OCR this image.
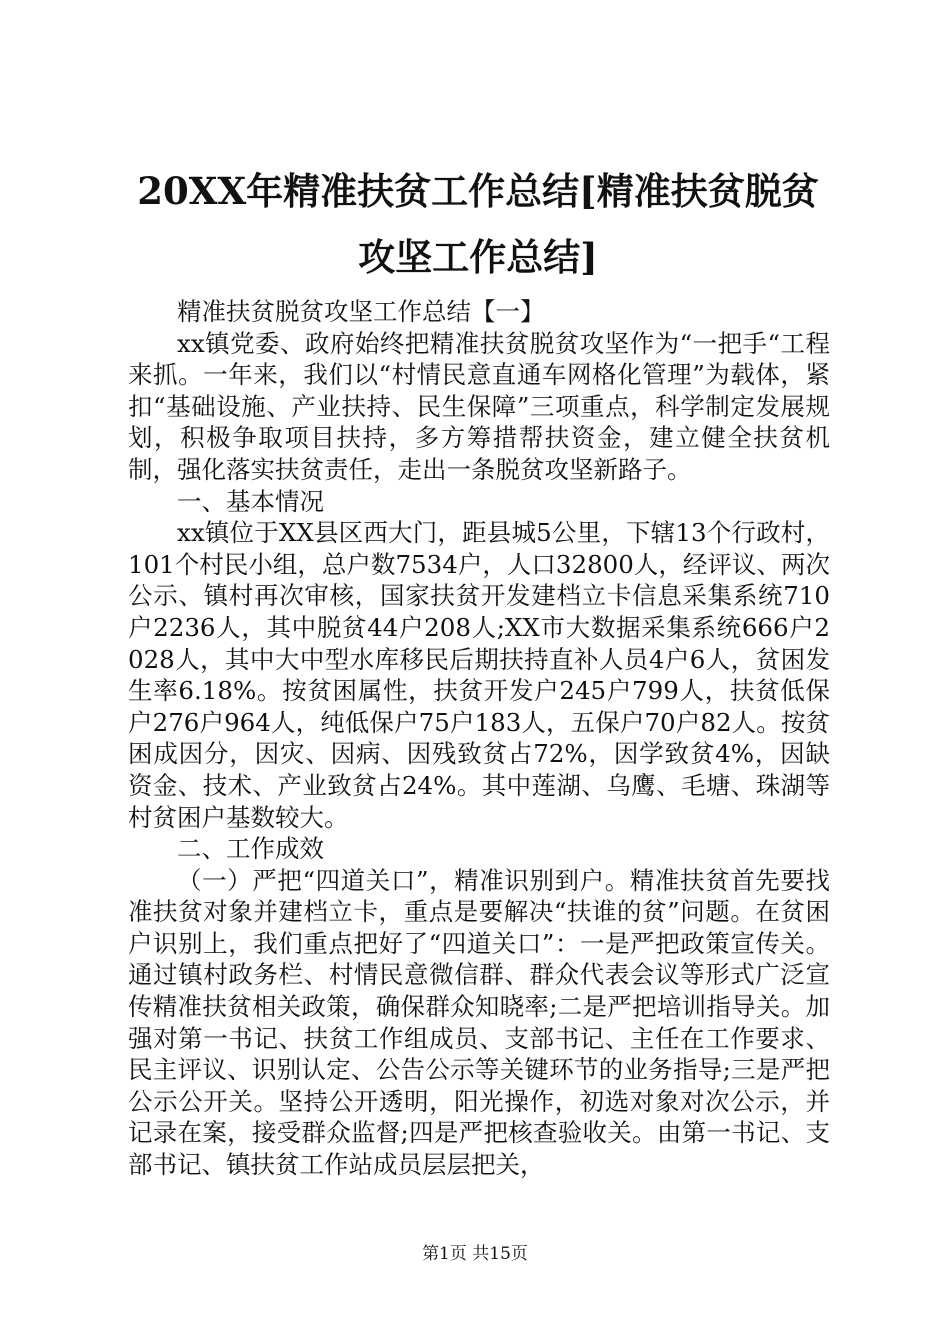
20XX年精准扶贫工作总结[精准扶贫脱贫攻坚工作总结]

精准扶贫脱贫攻坚工作总结【一】

xx镇党委、政府始终把精准扶贫脱贫攻坚作为“一把手“工程来抓。一年来，我们以“村情民意直通车网格化管理”为载体，紧扣“基础设施、产业扶持、民生保障”三项重点，科学制定发展规划，积极争取项目扶持，多方筹措帮扶资金，建立健全扶贫机制，强化落实扶贫责任，走出一条脱贫攻坚新路子。

一、基本情况

xx镇位于XX县区西大门，距县城5公里，下辖13个行政村，101个村民小组，总户数7534户，人口32800人，经评议、两次公示、镇村再次审核，国家扶贫开发建档立卡信息采集系统710户2236人，其中脱贫44户208人;XX市大数据采集系统666户2028人，其中大中型水库移民后期扶持直补人员4户6人，贫困发生率6.18%。按贫困属性，扶贫开发户245户799人，扶贫低保户276户964人，纯低保户75户183人，五保户70户82人。按贫困成因分，因灾、因病、因残致贫占72%，因学致贫4%，因缺资金、技术、产业致贫占24%。其中莲湖、乌鹰、毛塘、珠湖等村贫困户基数较大。

二、工作成效

（一）严把“四道关口”，精准识别到户。精准扶贫首先要找准扶贫对象并建档立卡，重点是要解决“扶谁的贫”问题。在贫困户识别上，我们重点把好了“四道关口”：一是严把政策宣传关。通过镇村政务栏、村情民意微信群、群众代表会议等形式广泛宣传精准扶贫相关政策，确保群众知晓率;二是严把培训指导关。加强对第一书记、扶贫工作组成员、支部书记、主任在工作要求、民主评议、识别认定、公告公示等关键环节的业务指导;三是严把公示公开关。坚持公开透明，阳光操作，初选对象对次公示，并记录在案，接受群众监督;四是严把核查验收关。由第一书记、支部书记、镇扶贫工作站成员层层把关，

第1页 共15页
